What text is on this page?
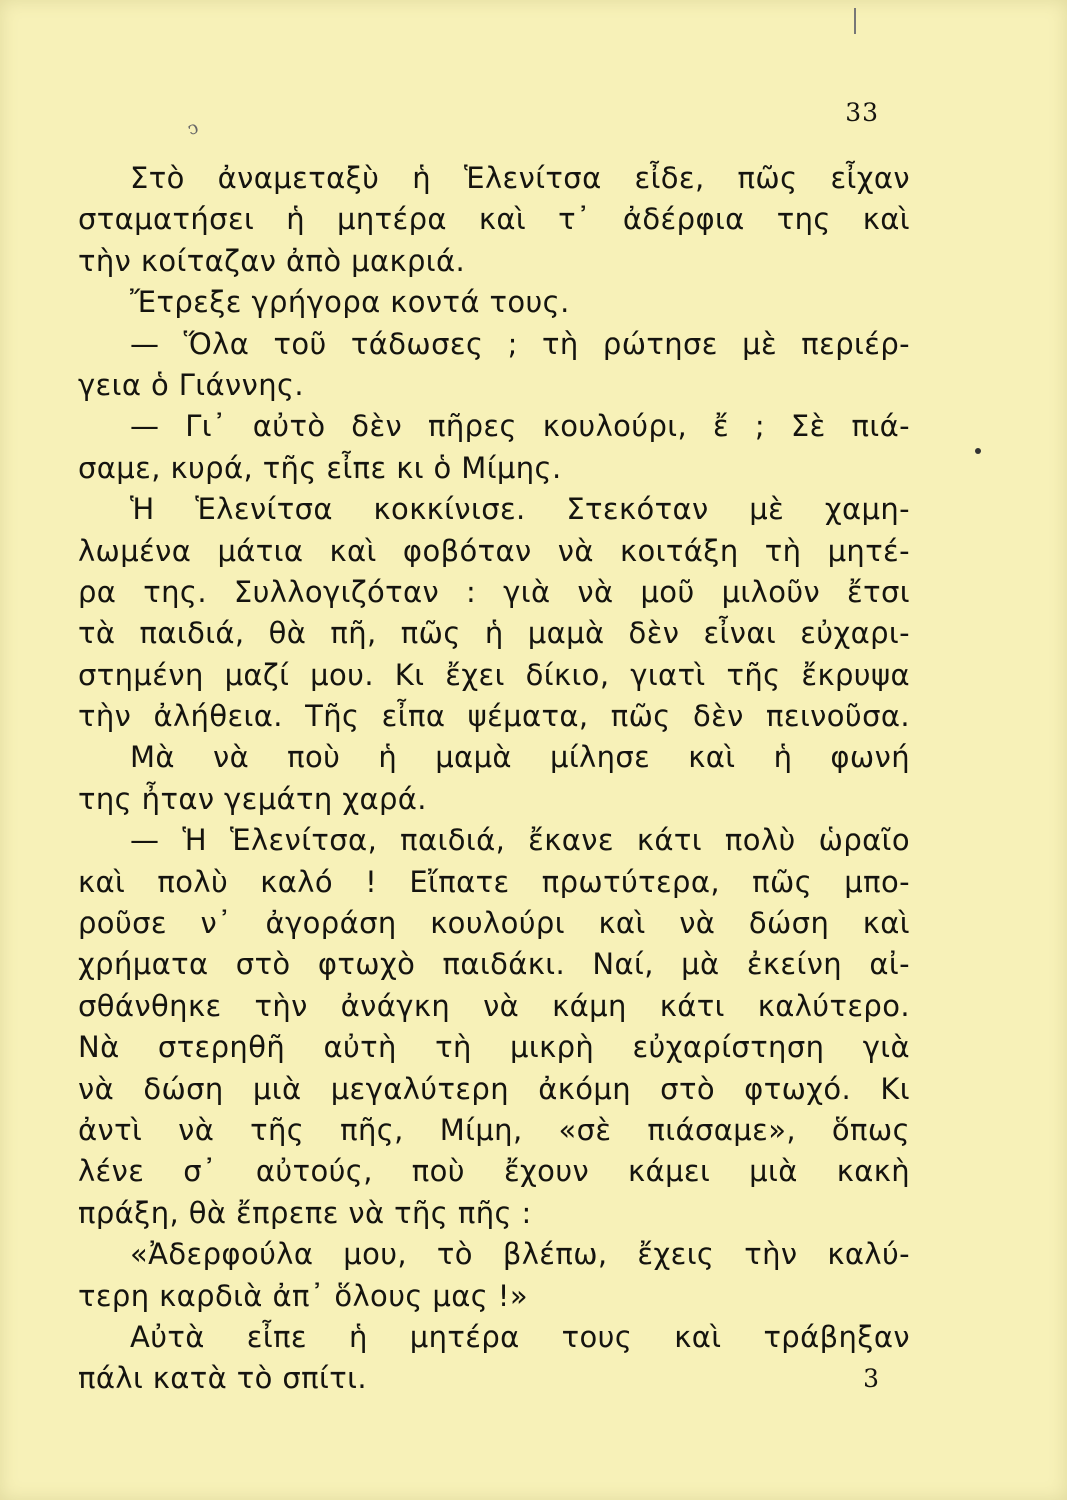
ↄ
33
Στὸ ἀναμεταξὺ ἡ Ἑλενίτσα εἶδε, πῶς εἶχαν
σταματήσει ἡ μητέρα καὶ τ᾿ ἀδέρφια της καὶ
τὴν κοίταζαν ἀπὸ μακριά.
Ἔτρεξε γρήγορα κοντά τους.
— Ὅλα τοῦ τάδωσες ; τὴ ρώτησε μὲ περιέρ-
γεια ὁ Γιάννης.
— Γι᾿ αὐτὸ δὲν πῆρες κουλούρι, ἔ ; Σὲ πιά-
σαμε, κυρά, τῆς εἶπε κι ὁ Μίμης.
Ἡ Ἑλενίτσα κοκκίνισε. Στεκόταν μὲ χαμη-
λωμένα μάτια καὶ φοβόταν νὰ κοιτάξη τὴ μητέ-
ρα της. Συλλογιζόταν : γιὰ νὰ μοῦ μιλοῦν ἔτσι
τὰ παιδιά, θὰ πῆ, πῶς ἡ μαμὰ δὲν εἶναι εὐχαρι-
στημένη μαζί μου. Κι ἔχει δίκιο, γιατὶ τῆς ἔκρυψα
τὴν ἀλήθεια. Τῆς εἶπα ψέματα, πῶς δὲν πεινοῦσα.
Μὰ νὰ ποὺ ἡ μαμὰ μίλησε καὶ ἡ φωνή
της ἦταν γεμάτη χαρά.
— Ἡ Ἑλενίτσα, παιδιά, ἔκανε κάτι πολὺ ὡραῖο
καὶ πολὺ καλό ! Εἴπατε πρωτύτερα, πῶς μπο-
ροῦσε ν᾿ ἀγοράση κουλούρι καὶ νὰ δώση καὶ
χρήματα στὸ φτωχὸ παιδάκι. Ναί, μὰ ἐκείνη αἰ-
σθάνθηκε τὴν ἀνάγκη νὰ κάμη κάτι καλύτερο.
Νὰ στερηθῆ αὐτὴ τὴ μικρὴ εὐχαρίστηση γιὰ
νὰ δώση μιὰ μεγαλύτερη ἀκόμη στὸ φτωχό. Κι
ἀντὶ νὰ τῆς πῆς, Μίμη, «σὲ πιάσαμε», ὅπως
λένε σ᾿ αὐτούς, ποὺ ἔχουν κάμει μιὰ κακὴ
πράξη, θὰ ἔπρεπε νὰ τῆς πῆς :
«Ἀδερφούλα μου, τὸ βλέπω, ἔχεις τὴν καλύ-
τερη καρδιὰ ἀπ᾿ ὅλους μας !»
Αὐτὰ εἶπε ἡ μητέρα τους καὶ τράβηξαν
πάλι κατὰ τὸ σπίτι.	3
